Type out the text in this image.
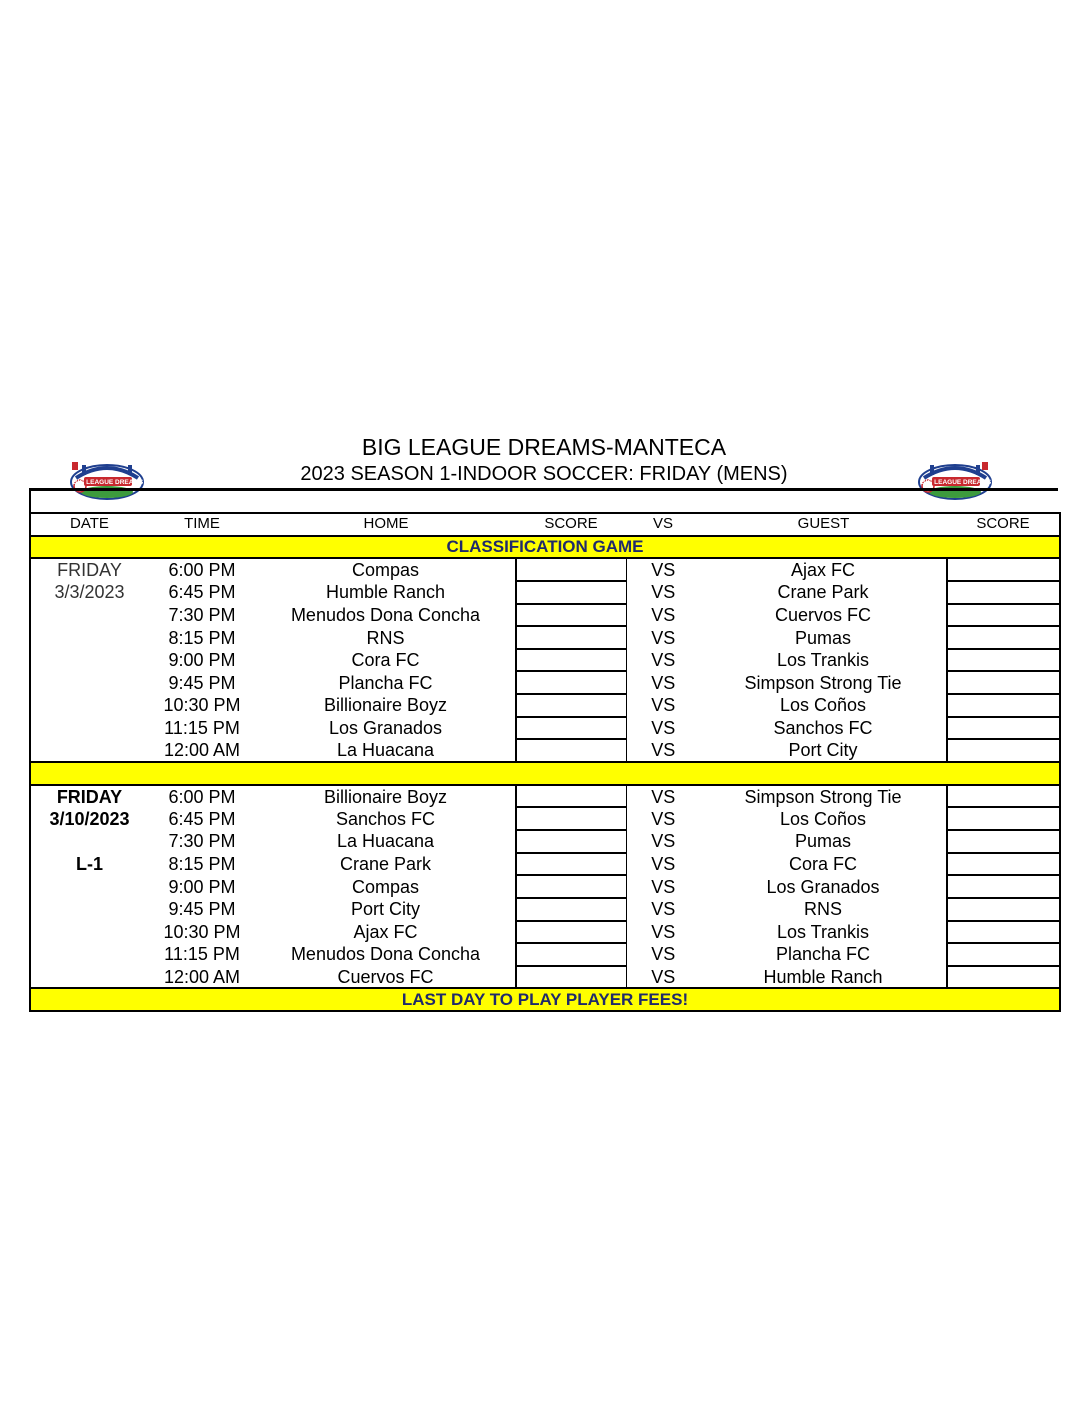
BIG LEAGUE DREAMS-MANTECA
2023 SEASON 1-INDOOR SOCCER: FRIDAY (MENS)
BIG LEAGUE DREAMS	BIG LEAGUE DREAMS
DATE	TIME	HOME	SCORE	VS	GUEST	SCORE
CLASSIFICATION GAME						
FRIDAY	6:00 PM	Compas		VS	Ajax FC	
3/3/2023	6:45 PM	Humble Ranch		VS	Crane Park	
	7:30 PM	Menudos Dona Concha		VS	Cuervos FC	
	8:15 PM	RNS		VS	Pumas	
	9:00 PM	Cora FC		VS	Los Trankis	
	9:45 PM	Plancha FC		VS	Simpson Strong Tie	
	10:30 PM	Billionaire Boyz		VS	Los Coños	
	11:15 PM	Los Granados		VS	Sanchos FC	
	12:00 AM	La Huacana		VS	Port City	

FRIDAY	6:00 PM	Billionaire Boyz		VS	Simpson Strong Tie	
3/10/2023	6:45 PM	Sanchos FC		VS	Los Coños	
	7:30 PM	La Huacana		VS	Pumas	
L-1	8:15 PM	Crane Park		VS	Cora FC	
	9:00 PM	Compas		VS	Los Granados	
	9:45 PM	Port City		VS	RNS	
	10:30 PM	Ajax FC		VS	Los Trankis	
	11:15 PM	Menudos Dona Concha		VS	Plancha FC	
	12:00 AM	Cuervos FC		VS	Humble Ranch	
LAST DAY TO PLAY PLAYER FEES!						
